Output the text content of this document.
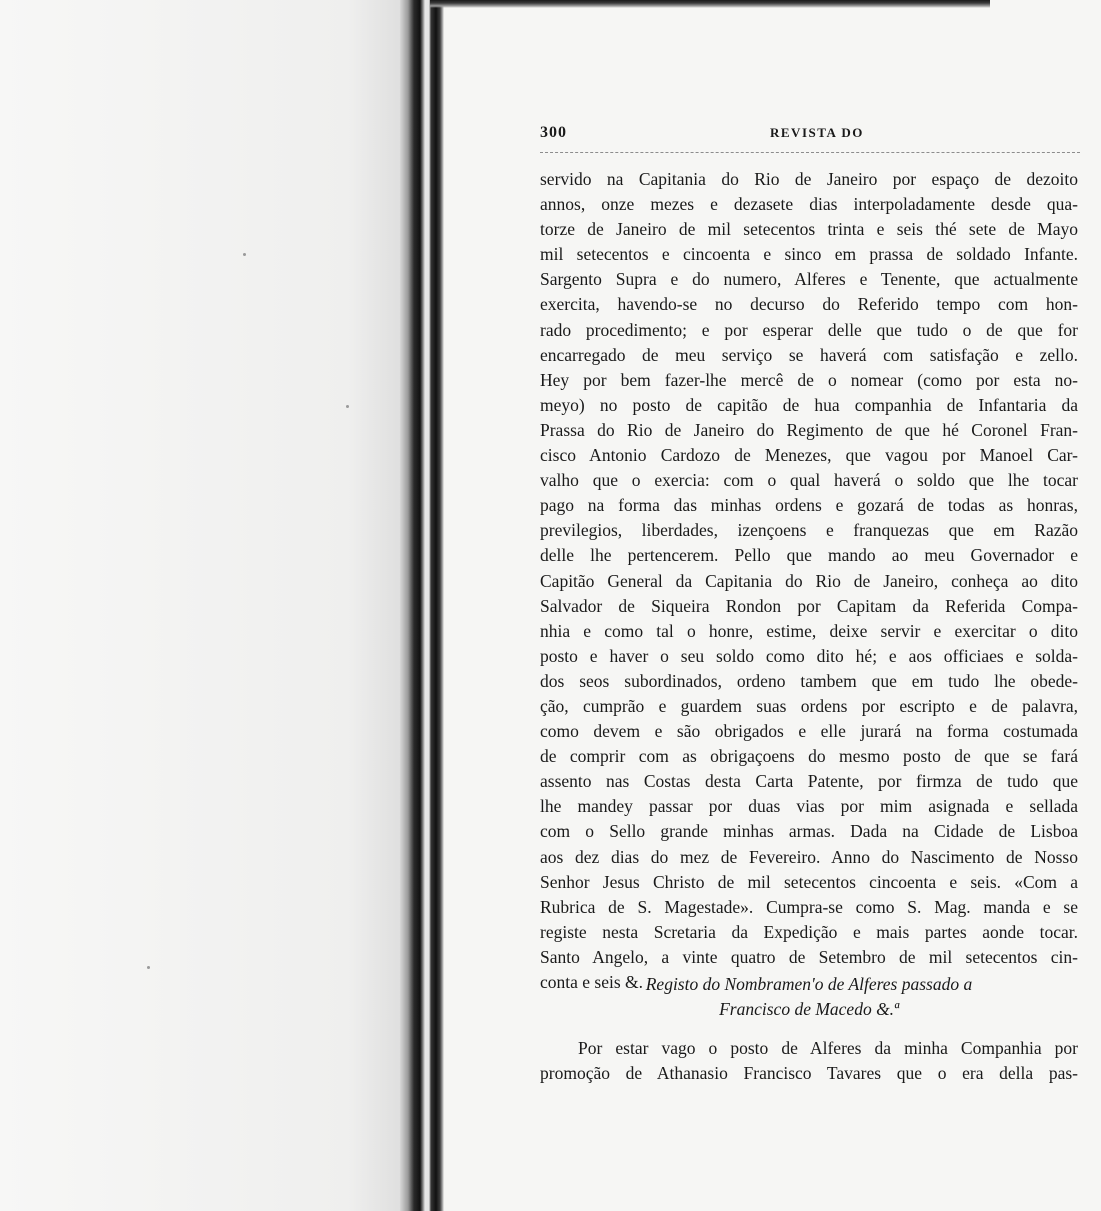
300	REVISTA DO
servido na Capitania do Rio de Janeiro por espaço de dezoito
annos, onze mezes e dezasete dias interpoladamente desde qua-
torze de Janeiro de mil setecentos trinta e seis thé sete de Mayo
mil setecentos e cincoenta e sinco em prassa de soldado Infante.
Sargento Supra e do numero, Alferes e Tenente, que actualmente
exercita, havendo-se no decurso do Referido tempo com hon-
rado procedimento; e por esperar delle que tudo o de que for
encarregado de meu serviço se haverá com satisfação e zello.
Hey por bem fazer-lhe mercê de o nomear (como por esta no-
meyo) no posto de capitão de hua companhia de Infantaria da
Prassa do Rio de Janeiro do Regimento de que hé Coronel Fran-
cisco Antonio Cardozo de Menezes, que vagou por Manoel Car-
valho que o exercia: com o qual haverá o soldo que lhe tocar
pago na forma das minhas ordens e gozará de todas as honras,
previlegios, liberdades, izençoens e franquezas que em Razão
delle lhe pertencerem. Pello que mando ao meu Governador e
Capitão General da Capitania do Rio de Janeiro, conheça ao dito
Salvador de Siqueira Rondon por Capitam da Referida Compa-
nhia e como tal o honre, estime, deixe servir e exercitar o dito
posto e haver o seu soldo como dito hé; e aos officiaes e solda-
dos seos subordinados, ordeno tambem que em tudo lhe obede-
ção, cumprão e guardem suas ordens por escripto e de palavra,
como devem e são obrigados e elle jurará na forma costumada
de comprir com as obrigaçoens do mesmo posto de que se fará
assento nas Costas desta Carta Patente, por firmza de tudo que
lhe mandey passar por duas vias por mim asignada e sellada
com o Sello grande minhas armas. Dada na Cidade de Lisboa
aos dez dias do mez de Fevereiro. Anno do Nascimento de Nosso
Senhor Jesus Christo de mil setecentos cincoenta e seis. «Com a
Rubrica de S. Magestade». Cumpra-se como S. Mag. manda e se
registe nesta Scretaria da Expedição e mais partes aonde tocar.
Santo Angelo, a vinte quatro de Setembro de mil setecentos cin-
conta e seis &. Registo do Nombramen'o de Alferes passado a
Francisco de Macedo &.ª
Por estar vago o posto de Alferes da minha Companhia por
promoção de Athanasio Francisco Tavares que o era della pas-
